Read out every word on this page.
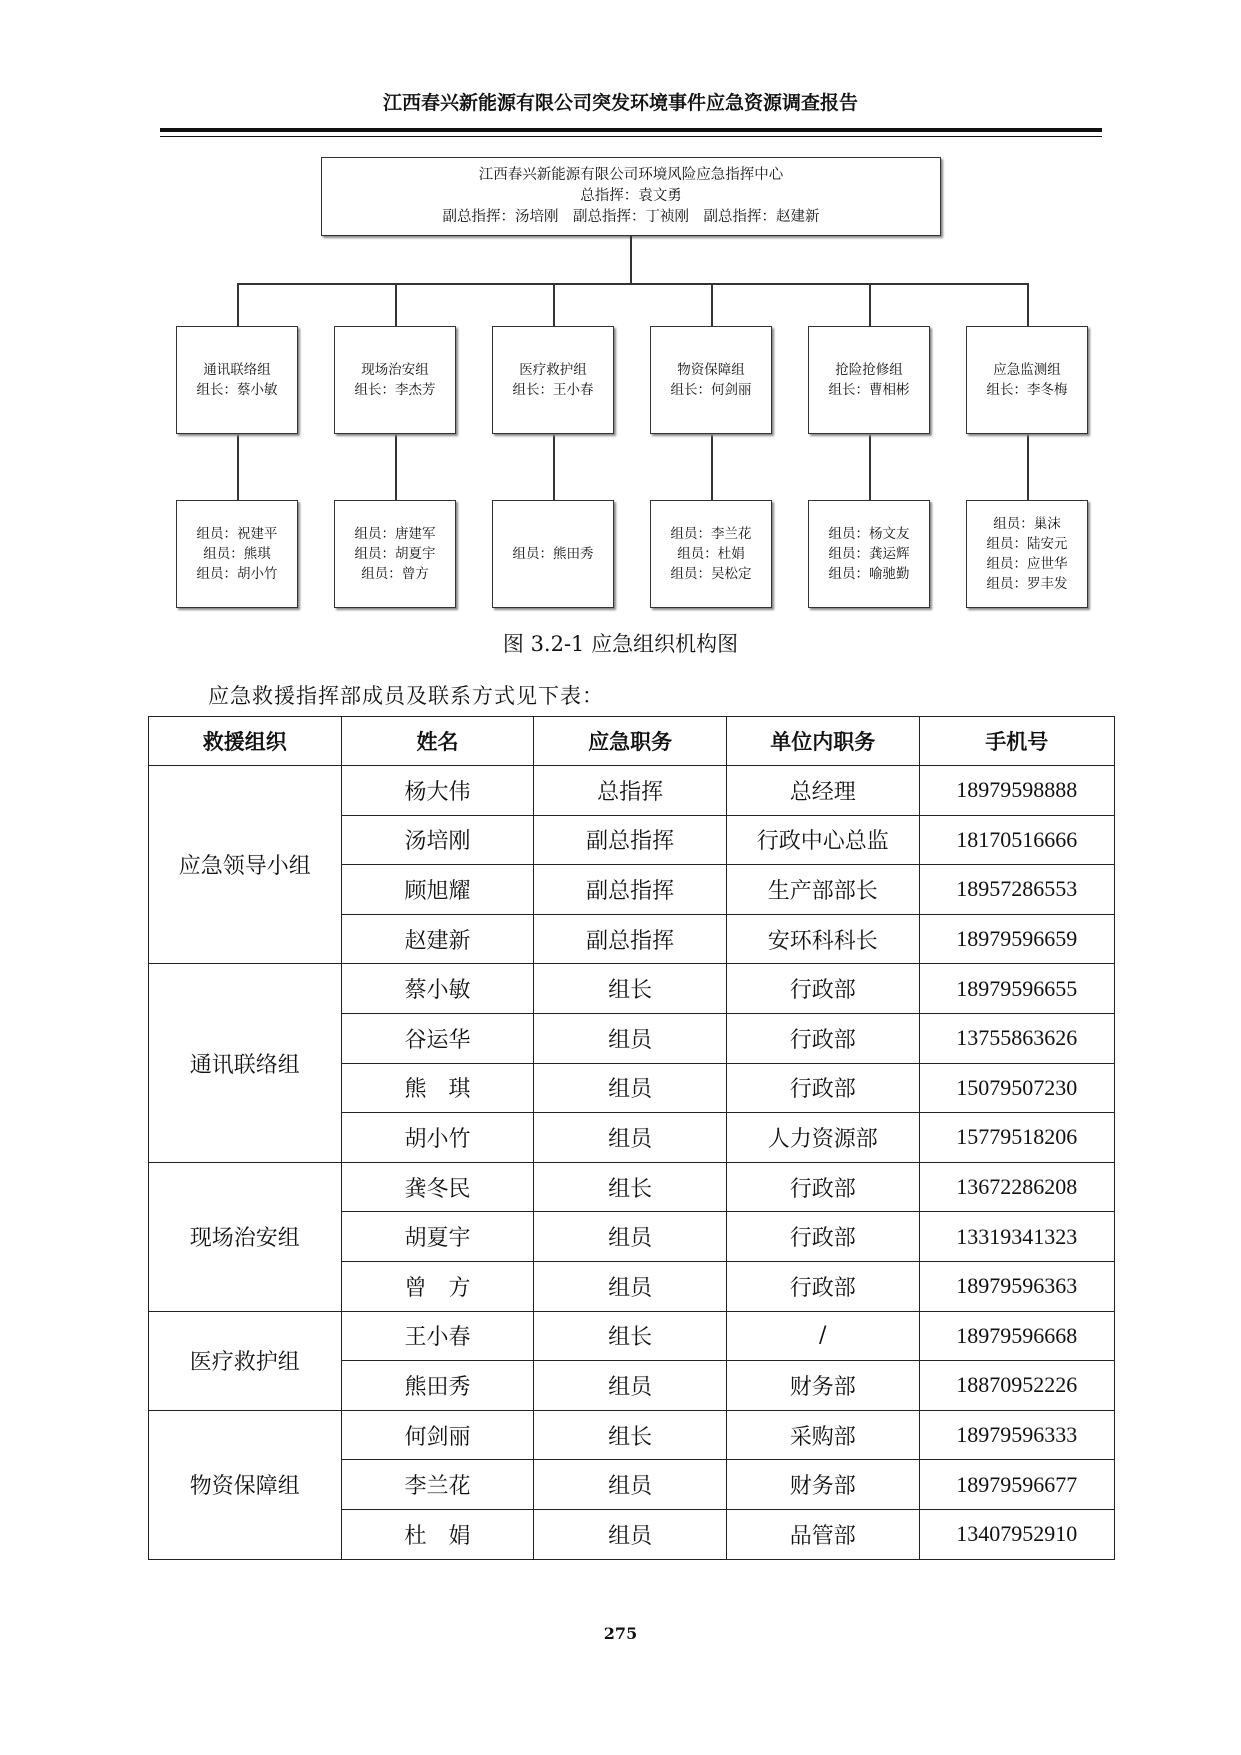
江西春兴新能源有限公司突发环境事件应急资源调查报告
江西春兴新能源有限公司环境风险应急指挥中心
总指挥：袁文勇
副总指挥：汤培刚　副总指挥：丁祯刚　副总指挥：赵建新
通讯联络组
组长：蔡小敏
组员：祝建平
组员：熊琪
组员：胡小竹
现场治安组
组长：李杰芳
组员：唐建军
组员：胡夏宇
组员：曾方
医疗救护组
组长：王小春
组员：熊田秀
物资保障组
组长：何剑丽
组员：李兰花
组员：杜娟
组员：吴松定
抢险抢修组
组长：曹相彬
组员：杨文友
组员：龚运辉
组员：喻驰勤
应急监测组
组长：李冬梅
组员：巢沫
组员：陆安元
组员：应世华
组员：罗丰发
图 3.2-1 应急组织机构图
应急救援指挥部成员及联系方式见下表：
救援组织	姓名	应急职务	单位内职务	手机号
应急领导小组	杨大伟	总指挥	总经理	18979598888
	汤培刚	副总指挥	行政中心总监	18170516666
	顾旭耀	副总指挥	生产部部长	18957286553
	赵建新	副总指挥	安环科科长	18979596659
通讯联络组	蔡小敏	组长	行政部	18979596655
	谷运华	组员	行政部	13755863626
	熊　琪	组员	行政部	15079507230
	胡小竹	组员	人力资源部	15779518206
现场治安组	龚冬民	组长	行政部	13672286208
	胡夏宇	组员	行政部	13319341323
	曾　方	组员	行政部	18979596363
医疗救护组	王小春	组长	/	18979596668
	熊田秀	组员	财务部	18870952226
物资保障组	何剑丽	组长	采购部	18979596333
	李兰花	组员	财务部	18979596677
	杜　娟	组员	品管部	13407952910
275
